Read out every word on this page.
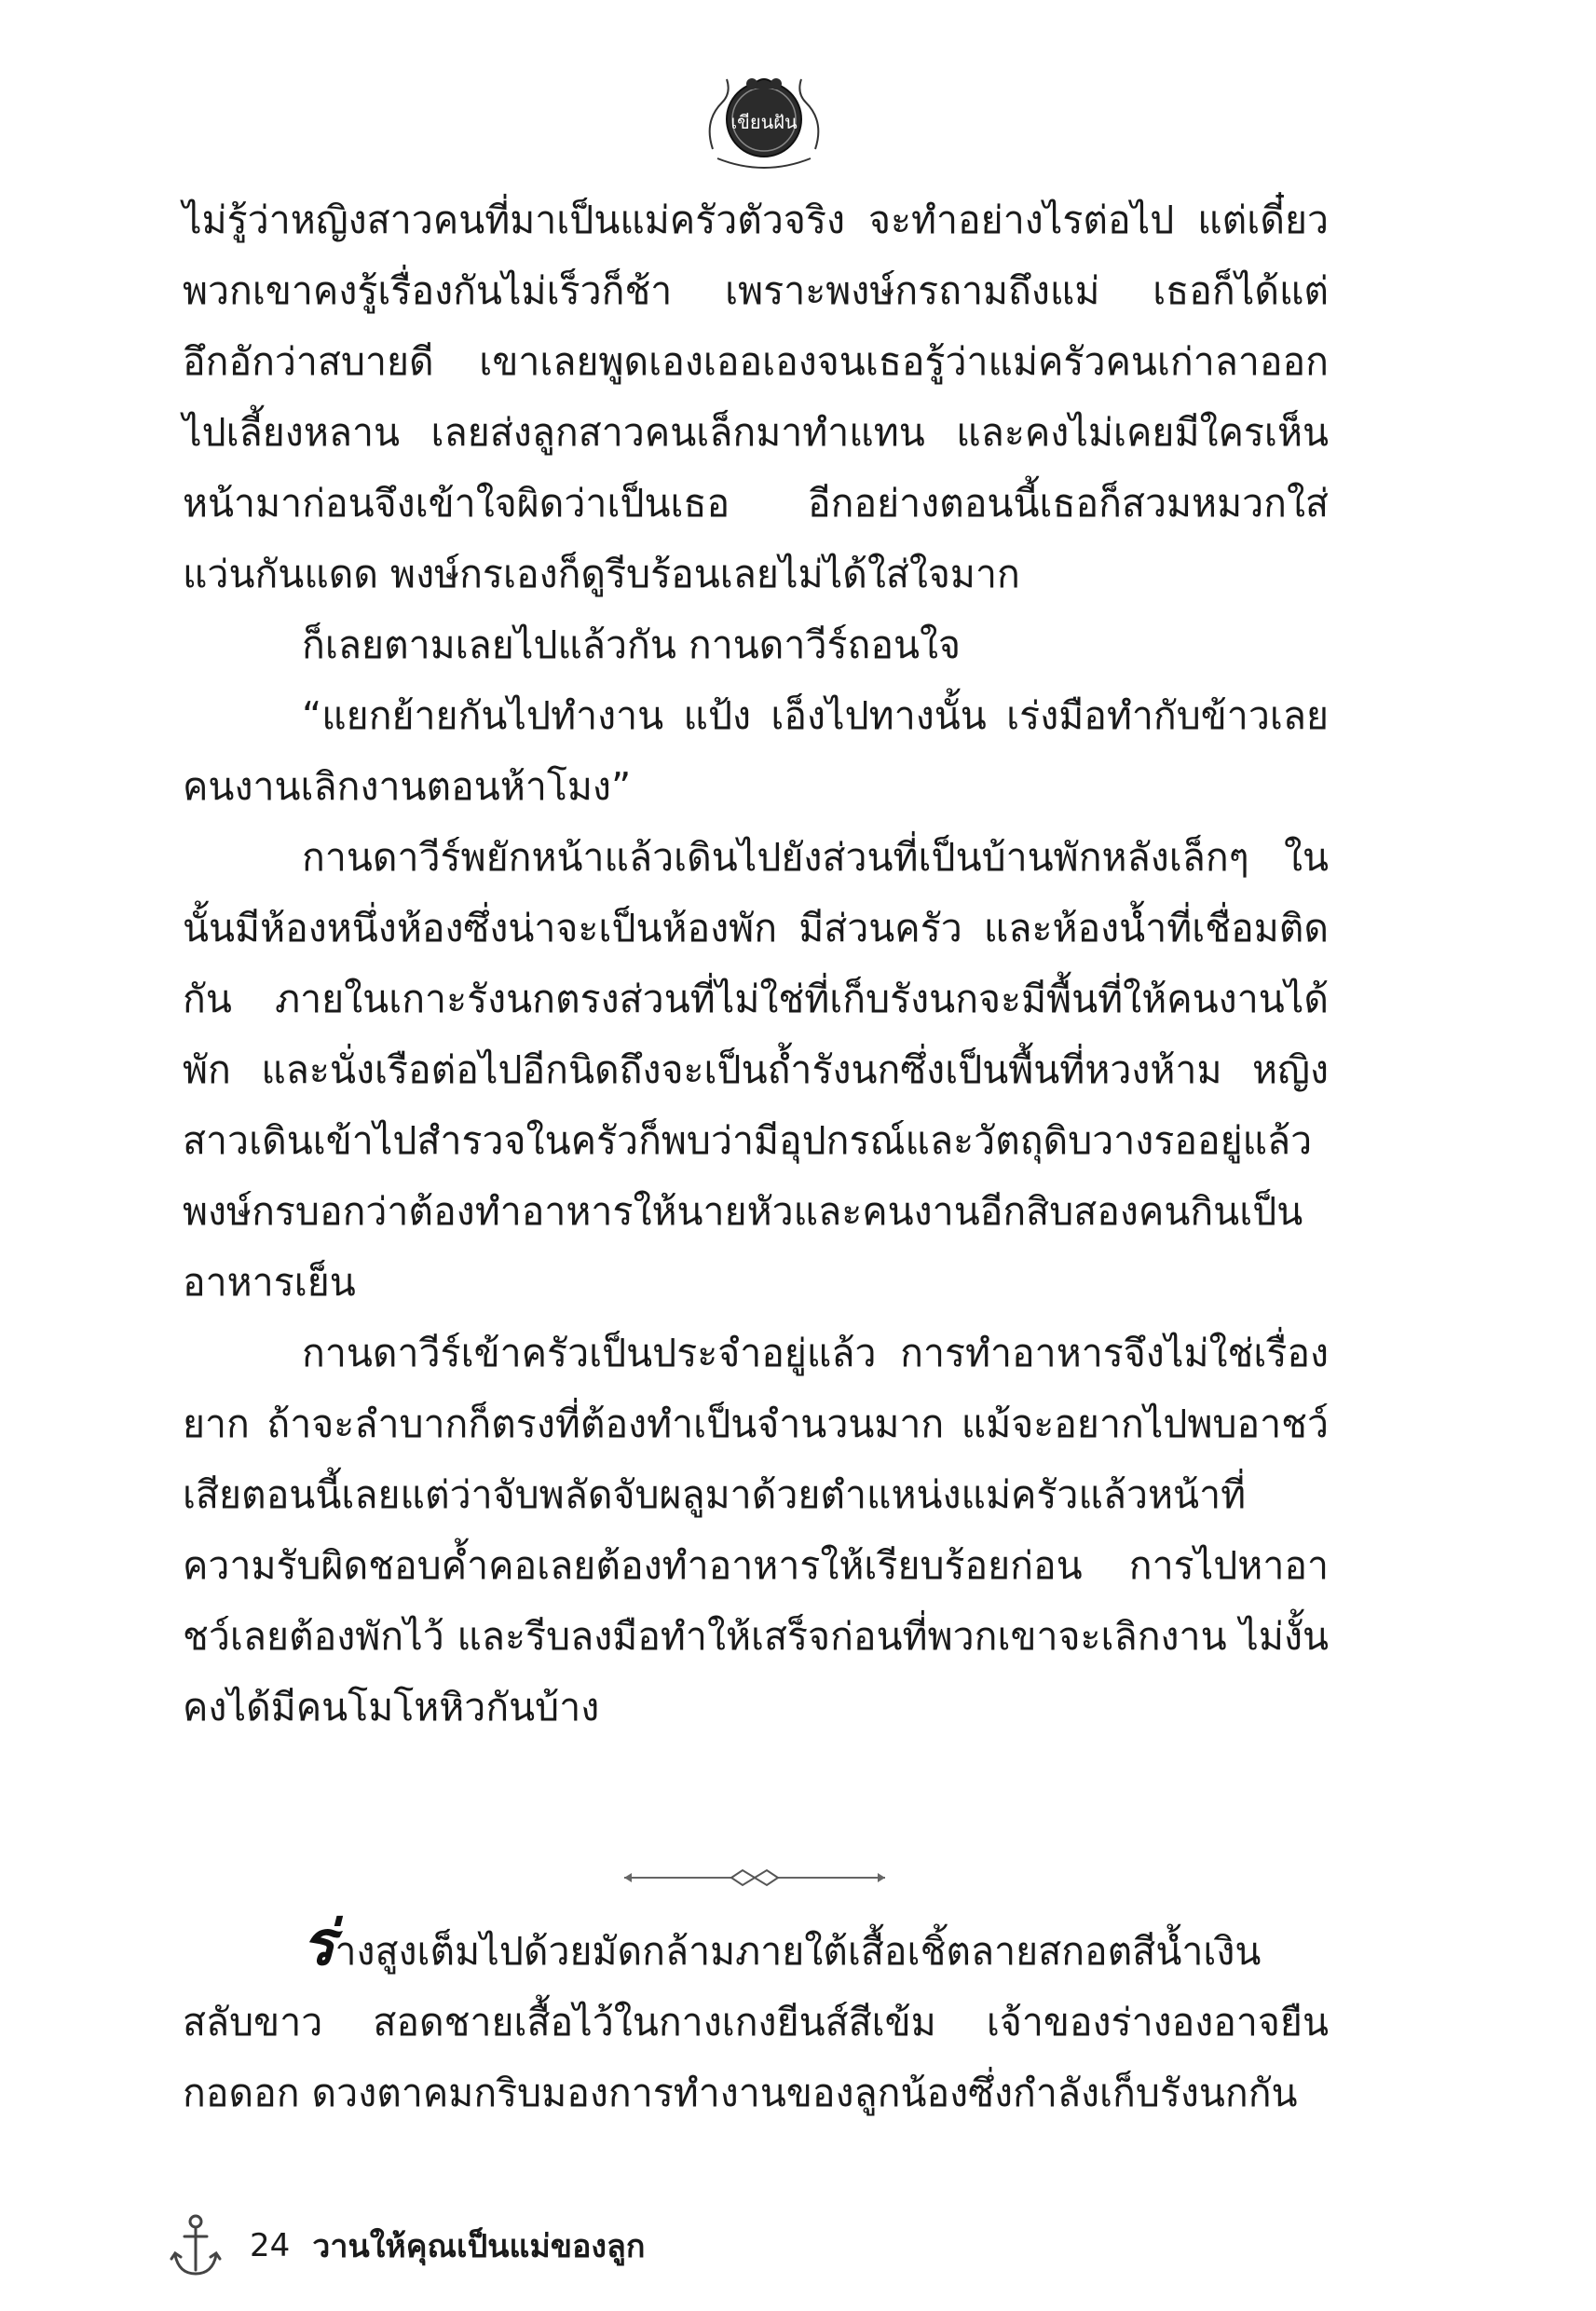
เขียนฝัน

ไม่รู้ว่าหญิงสาวคนที่มาเป็นแม่ครัวตัวจริง จะทำอย่างไรต่อไป แต่เดี๋ยวพวกเขาคงรู้เรื่องกันไม่เร็วก็ช้า เพราะพงษ์กรถามถึงแม่ เธอก็ได้แต่อึกอักว่าสบายดี เขาเลยพูดเองเออเองจนเธอรู้ว่าแม่ครัวคนเก่าลาออกไปเลี้ยงหลาน เลยส่งลูกสาวคนเล็กมาทำแทน และคงไม่เคยมีใครเห็นหน้ามาก่อนจึงเข้าใจผิดว่าเป็นเธอ อีกอย่างตอนนี้เธอก็สวมหมวกใส่แว่นกันแดด พงษ์กรเองก็ดูรีบร้อนเลยไม่ได้ใส่ใจมาก

ก็เลยตามเลยไปแล้วกัน กานดาวีร์ถอนใจ

“แยกย้ายกันไปทำงาน แป้ง เอ็งไปทางนั้น เร่งมือทำกับข้าวเลยคนงานเลิกงานตอนห้าโมง”

กานดาวีร์พยักหน้าแล้วเดินไปยังส่วนที่เป็นบ้านพักหลังเล็กๆ ในนั้นมีห้องหนึ่งห้องซึ่งน่าจะเป็นห้องพัก มีส่วนครัว และห้องน้ำที่เชื่อมติดกัน ภายในเกาะรังนกตรงส่วนที่ไม่ใช่ที่เก็บรังนกจะมีพื้นที่ให้คนงานได้พัก และนั่งเรือต่อไปอีกนิดถึงจะเป็นถ้ำรังนกซึ่งเป็นพื้นที่หวงห้าม หญิงสาวเดินเข้าไปสำรวจในครัวก็พบว่ามีอุปกรณ์และวัตถุดิบวางรออยู่แล้ว พงษ์กรบอกว่าต้องทำอาหารให้นายหัวและคนงานอีกสิบสองคนกินเป็นอาหารเย็น

กานดาวีร์เข้าครัวเป็นประจำอยู่แล้ว การทำอาหารจึงไม่ใช่เรื่องยาก ถ้าจะลำบากก็ตรงที่ต้องทำเป็นจำนวนมาก แม้จะอยากไปพบอาชว์เสียตอนนี้เลยแต่ว่าจับพลัดจับผลูมาด้วยตำแหน่งแม่ครัวแล้วหน้าที่ความรับผิดชอบค้ำคอเลยต้องทำอาหารให้เรียบร้อยก่อน การไปหาอาชว์เลยต้องพักไว้ และรีบลงมือทำให้เสร็จก่อนที่พวกเขาจะเลิกงาน ไม่งั้นคงได้มีคนโมโหหิวกันบ้าง

ร่างสูงเต็มไปด้วยมัดกล้ามภายใต้เสื้อเชิ้ตลายสกอตสีน้ำเงินสลับขาว สอดชายเสื้อไว้ในกางเกงยีนส์สีเข้ม เจ้าของร่างองอาจยืนกอดอก ดวงตาคมกริบมองการทำงานของลูกน้องซึ่งกำลังเก็บรังนกกัน

24 วานให้คุณเป็นแม่ของลูก
